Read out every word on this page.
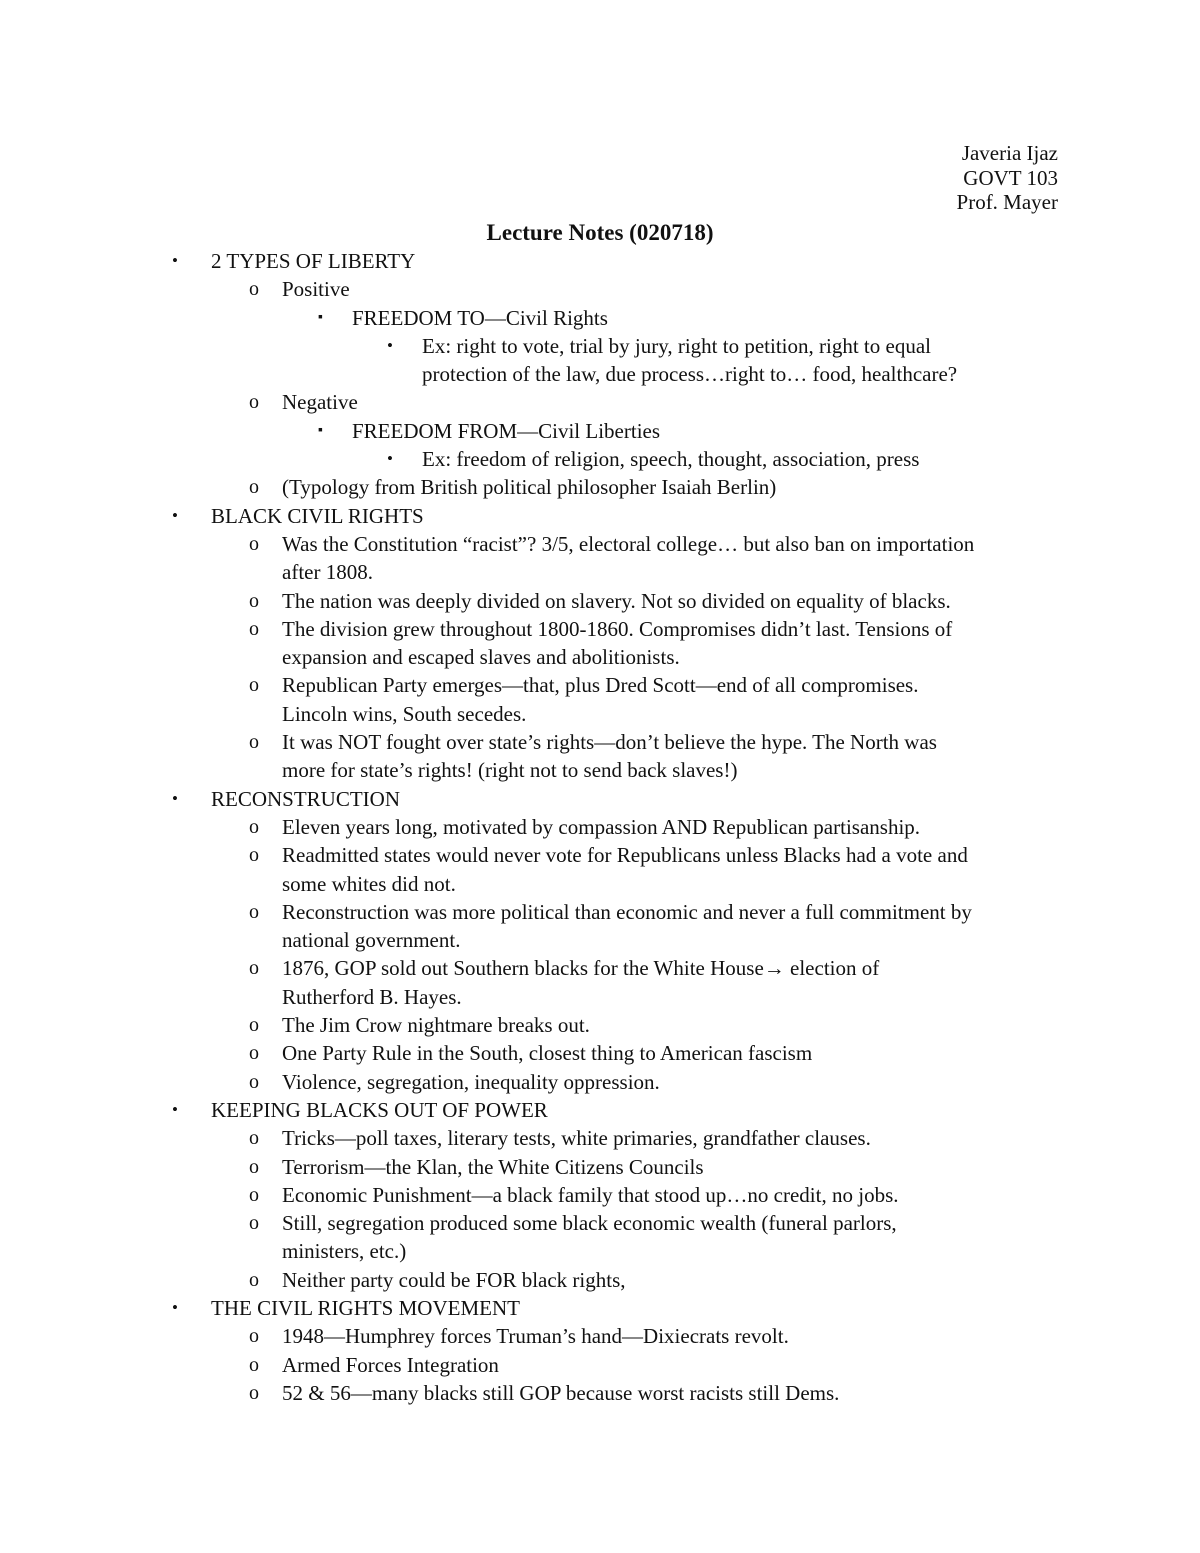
Javeria Ijaz
GOVT 103
Prof. Mayer
Lecture Notes (020718)
• 2 TYPES OF LIBERTY
o Positive
▪ FREEDOM TO—Civil Rights
• Ex: right to vote, trial by jury, right to petition, right to equal
protection of the law, due process…right to… food, healthcare?
o Negative
▪ FREEDOM FROM—Civil Liberties
• Ex: freedom of religion, speech, thought, association, press
o (Typology from British political philosopher Isaiah Berlin)
• BLACK CIVIL RIGHTS
o Was the Constitution “racist”? 3/5, electoral college… but also ban on importation
after 1808.
o The nation was deeply divided on slavery. Not so divided on equality of blacks.
o The division grew throughout 1800-1860. Compromises didn’t last. Tensions of
expansion and escaped slaves and abolitionists.
o Republican Party emerges—that, plus Dred Scott—end of all compromises.
Lincoln wins, South secedes.
o It was NOT fought over state’s rights—don’t believe the hype. The North was
more for state’s rights! (right not to send back slaves!)
• RECONSTRUCTION
o Eleven years long, motivated by compassion AND Republican partisanship.
o Readmitted states would never vote for Republicans unless Blacks had a vote and
some whites did not.
o Reconstruction was more political than economic and never a full commitment by
national government.
o 1876, GOP sold out Southern blacks for the White House→ election of
Rutherford B. Hayes.
o The Jim Crow nightmare breaks out.
o One Party Rule in the South, closest thing to American fascism
o Violence, segregation, inequality oppression.
• KEEPING BLACKS OUT OF POWER
o Tricks—poll taxes, literary tests, white primaries, grandfather clauses.
o Terrorism—the Klan, the White Citizens Councils
o Economic Punishment—a black family that stood up…no credit, no jobs.
o Still, segregation produced some black economic wealth (funeral parlors,
ministers, etc.)
o Neither party could be FOR black rights,
• THE CIVIL RIGHTS MOVEMENT
o 1948—Humphrey forces Truman’s hand—Dixiecrats revolt.
o Armed Forces Integration
o 52 & 56—many blacks still GOP because worst racists still Dems.
